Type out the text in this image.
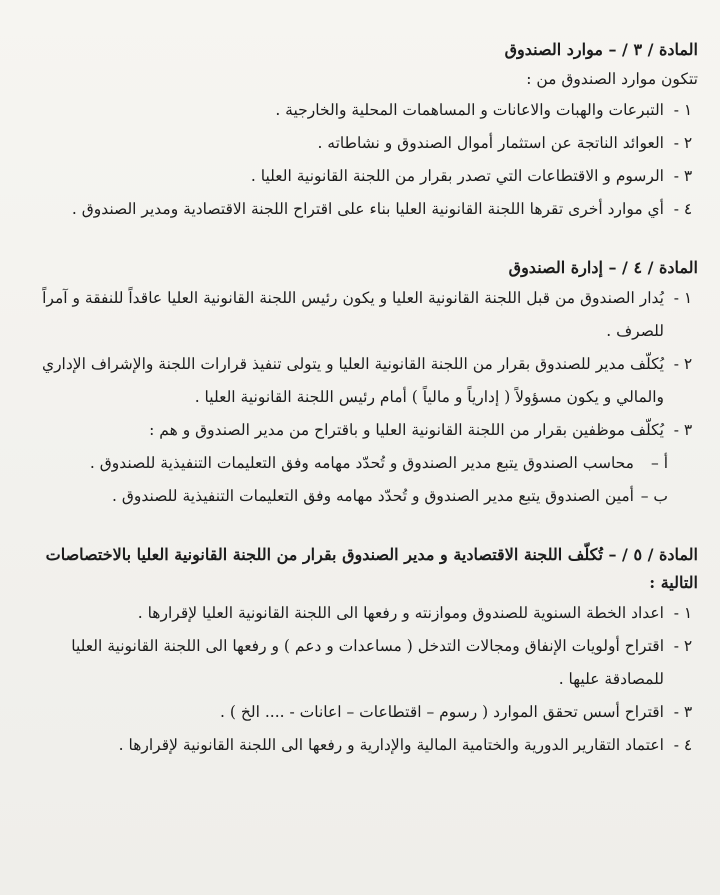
المادة / ٣ / – موارد الصندوق

تتكون موارد الصندوق من :

١ -
التبرعات والهبات والاعانات و المساهمات المحلية والخارجية .
٢ -
العوائد الناتجة عن استثمار أموال الصندوق و نشاطاته .
٣ -
الرسوم و الاقتطاعات التي تصدر بقرار من اللجنة القانونية العليا .
٤ -
أي موارد أخرى تقرها اللجنة القانونية العليا بناء على اقتراح اللجنة الاقتصادية ومدير الصندوق .

المادة / ٤ / – إدارة الصندوق

١ -
يُدار الصندوق من قبل اللجنة القانونية العليا و يكون رئيس اللجنة القانونية العليا عاقداً للنفقة و آمراً للصرف .
٢ -
يُكلّف مدير للصندوق بقرار من اللجنة القانونية العليا و يتولى تنفيذ قرارات اللجنة والإشراف الإداري والمالي و يكون مسؤولاً ( إدارياً و مالياً ) أمام رئيس اللجنة القانونية العليا .
٣ -
يُكلّف موظفين بقرار من اللجنة القانونية العليا و باقتراح من مدير الصندوق و هم :
أ –
محاسب الصندوق يتبع مدير الصندوق و تُحدّد مهامه وفق التعليمات التنفيذية للصندوق .
ب –
أمين الصندوق يتبع مدير الصندوق و تُحدّد مهامه وفق التعليمات التنفيذية للصندوق .

المادة / ٥ / – تُكلّف اللجنة الاقتصادية و مدير الصندوق بقرار من اللجنة القانونية العليا بالاختصاصات التالية :

١ -
اعداد الخطة السنوية للصندوق وموازنته و رفعها الى اللجنة القانونية العليا لإقرارها .
٢ -
اقتراح أولويات الإنفاق ومجالات التدخل ( مساعدات و دعم ) و رفعها الى اللجنة القانونية العليا للمصادقة عليها .
٣ -
اقتراح أسس تحقق الموارد ( رسوم – اقتطاعات – اعانات - .... الخ ) .
٤ -
اعتماد التقارير الدورية والختامية المالية والإدارية و رفعها الى اللجنة القانونية لإقرارها .
